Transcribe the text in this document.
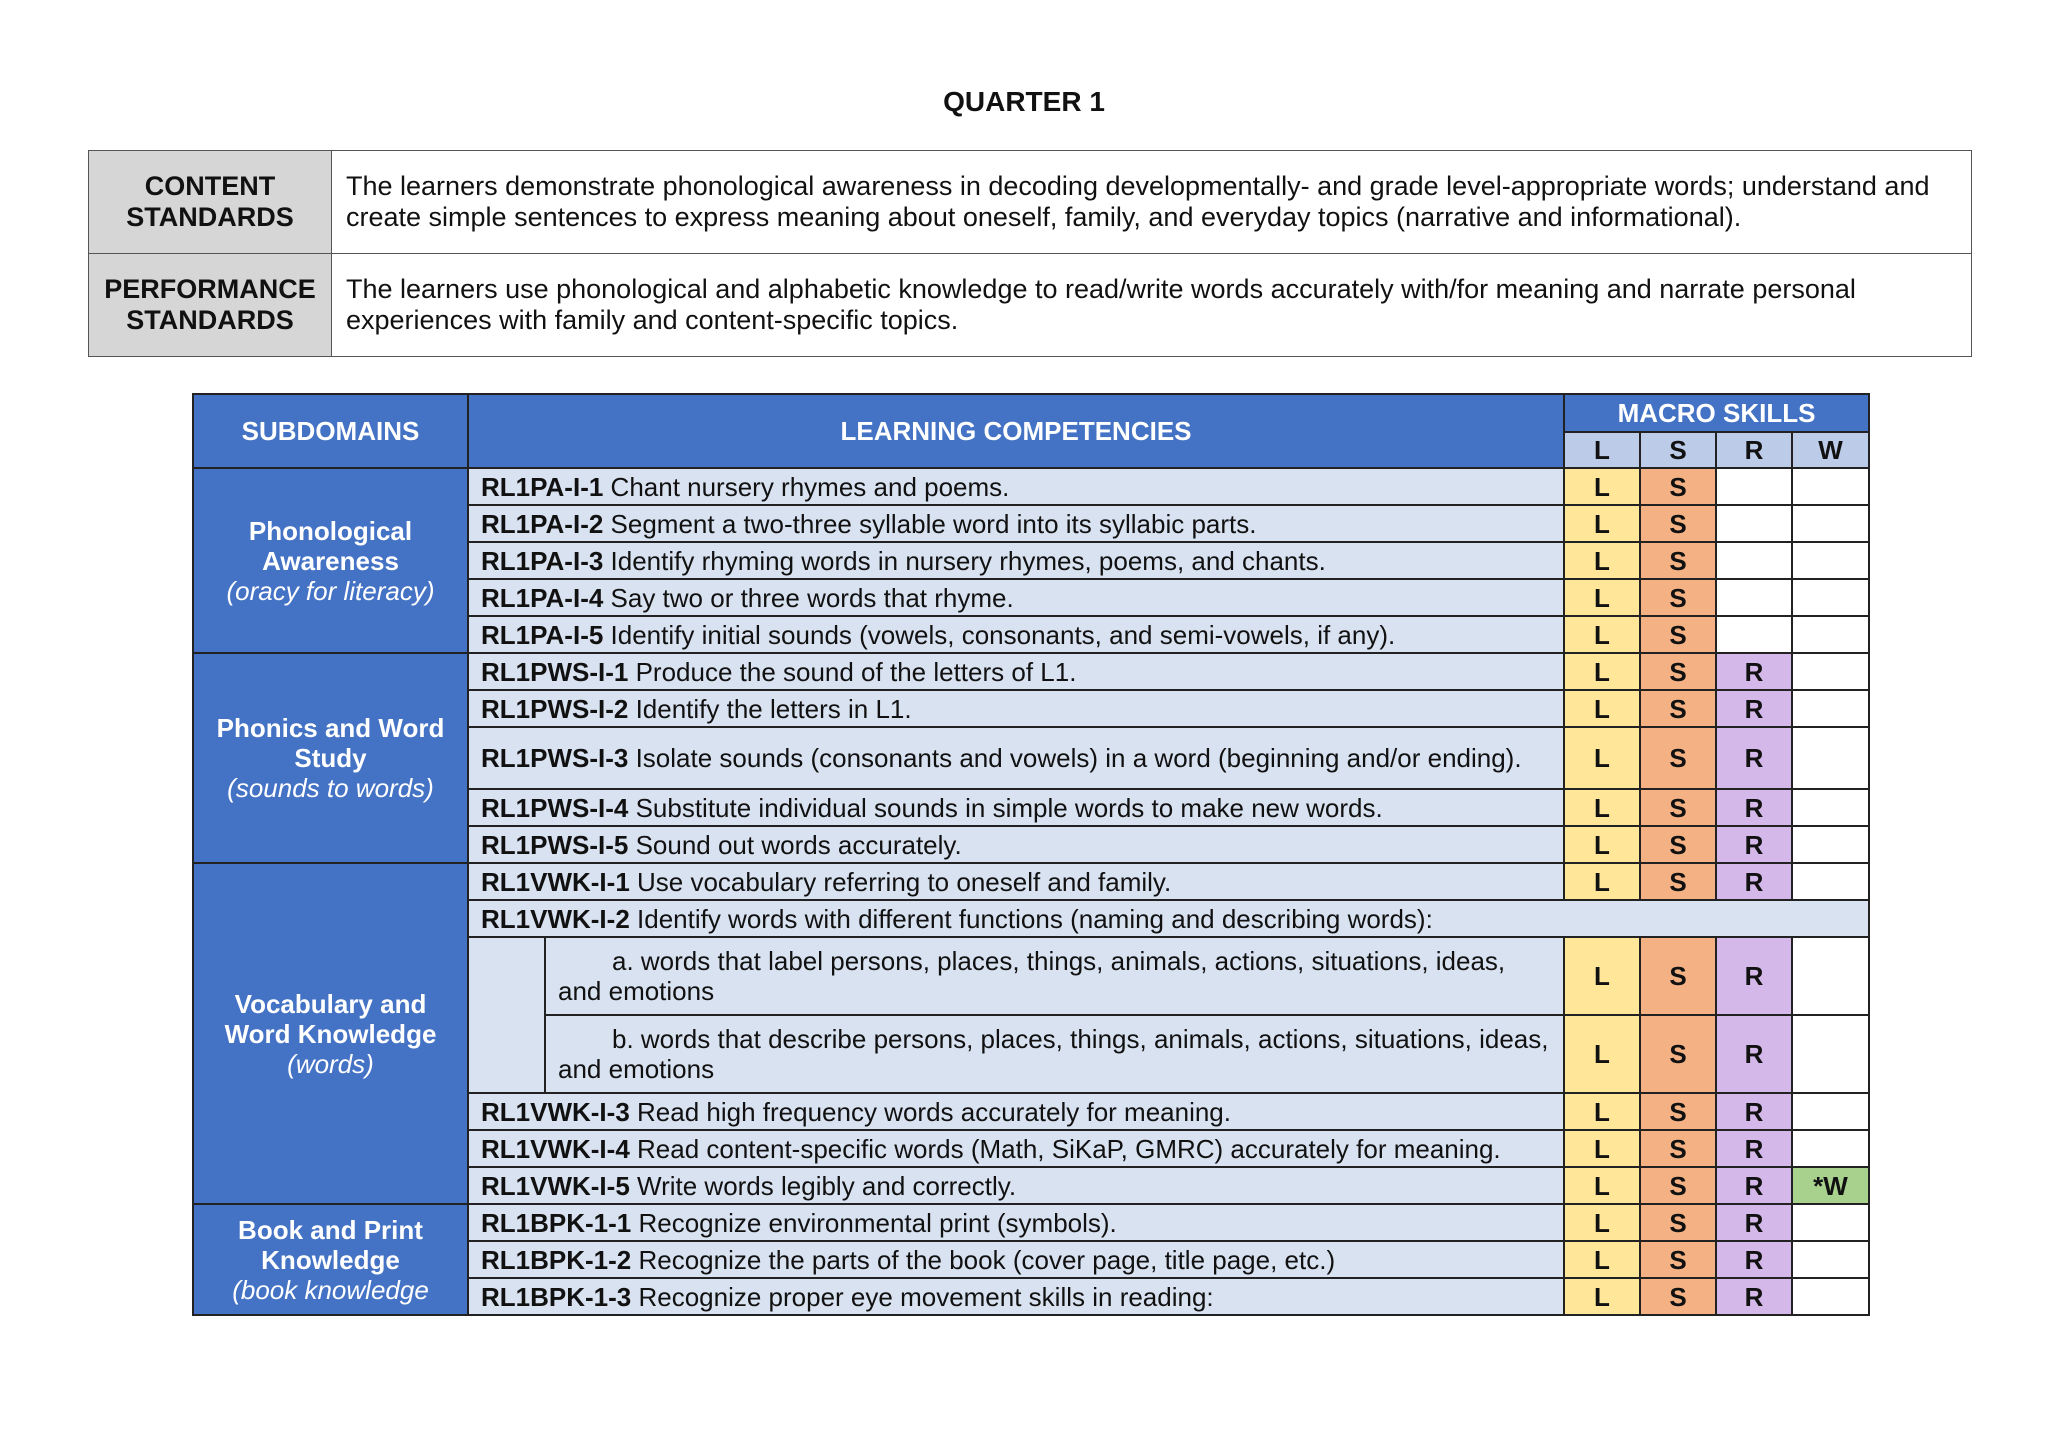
QUARTER 1
CONTENT
STANDARDS	The learners demonstrate phonological awareness in decoding developmentally- and grade level-appropriate words; understand and create simple sentences to express meaning about oneself, family, and everyday topics (narrative and informational).
PERFORMANCE
STANDARDS	The learners use phonological and alphabetic knowledge to read/write words accurately with/for meaning and narrate personal experiences with family and content-specific topics.
SUBDOMAINS	LEARNING COMPETENCIES		MACRO SKILLS			
			L	S	R	W
Phonological
Awareness
(oracy for literacy)	RL1PA-I-1 Chant nursery rhymes and poems.		L	S		
	RL1PA-I-2 Segment a two-three syllable word into its syllabic parts.		L	S		
	RL1PA-I-3 Identify rhyming words in nursery rhymes, poems, and chants.		L	S		
	RL1PA-I-4 Say two or three words that rhyme.		L	S		
	RL1PA-I-5 Identify initial sounds (vowels, consonants, and semi-vowels, if any).		L	S		
Phonics and Word
Study
(sounds to words)	RL1PWS-I-1 Produce the sound of the letters of L1.		L	S	R	
	RL1PWS-I-2 Identify the letters in L1.		L	S	R	
	RL1PWS-I-3 Isolate sounds (consonants and vowels) in a word (beginning and/or ending).		L	S	R	
	RL1PWS-I-4 Substitute individual sounds in simple words to make new words.		L	S	R	
	RL1PWS-I-5 Sound out words accurately.		L	S	R	
Vocabulary and
Word Knowledge
(words)	RL1VWK-I-1 Use vocabulary referring to oneself and family.		L	S	R	
	RL1VWK-I-2 Identify words with different functions (naming and describing words):					
		a. words that label persons, places, things, animals, actions, situations, ideas, and emotions	L	S	R	
		b. words that describe persons, places, things, animals, actions, situations, ideas, and emotions	L	S	R	
	RL1VWK-I-3 Read high frequency words accurately for meaning.		L	S	R	
	RL1VWK-I-4 Read content-specific words (Math, SiKaP, GMRC) accurately for meaning.		L	S	R	
	RL1VWK-I-5 Write words legibly and correctly.		L	S	R	*W
Book and Print
Knowledge
(book knowledge	RL1BPK-1-1 Recognize environmental print (symbols).		L	S	R	
	RL1BPK-1-2 Recognize the parts of the book (cover page, title page, etc.)		L	S	R	
	RL1BPK-1-3 Recognize proper eye movement skills in reading:		L	S	R	
